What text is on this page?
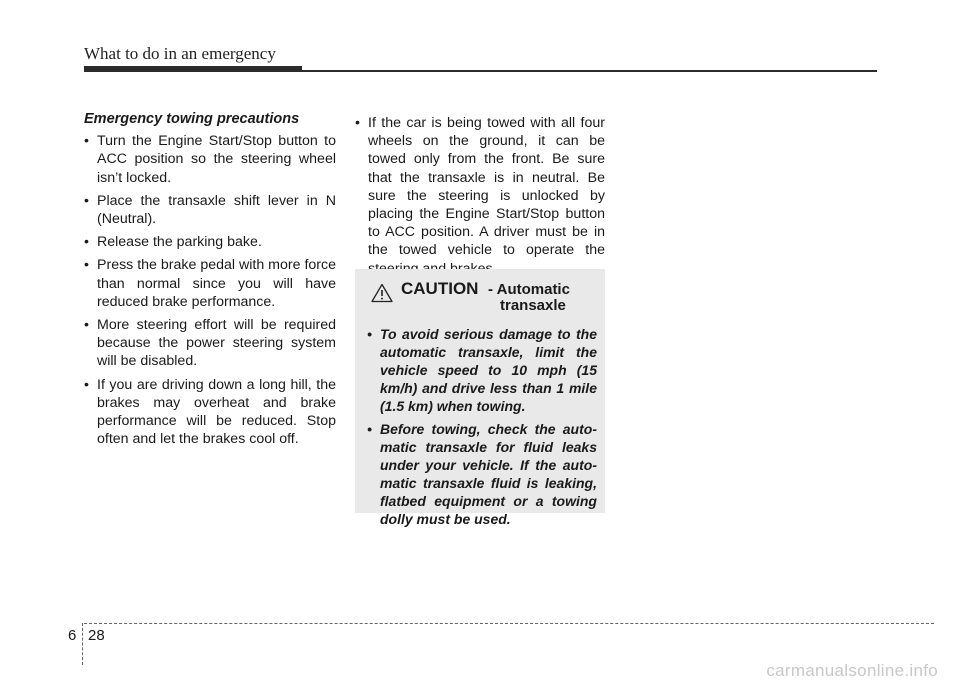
What to do in an emergency
Emergency towing precautions
• Turn the Engine Start/Stop button to ACC position so the steering wheel isn’t locked.
• Place the transaxle shift lever in N (Neutral).
• Release the parking bake.
• Press the brake pedal with more force than normal since you will have reduced brake performance.
• More steering effort will be required because the power steering system will be disabled.
• If you are driving down a long hill, the brakes may overheat and brake performance will be reduced. Stop often and let the brakes cool off.
• If the car is being towed with all four wheels on the ground, it can be towed only from the front. Be sure that the transaxle is in neutral. Be sure the steering is unlocked by placing the Engine Start/Stop button to ACC position. A driver must be in the towed vehicle to operate the
CAUTION - Automatic
transaxle
• To avoid serious damage to the automatic transaxle, limit the vehicle speed to 10 mph (15 km/h) and drive less than 1 mile (1.5 km) when towing.
• Before towing, check the automatic transaxle for fluid leaks under your vehicle. If the automatic transaxle fluid is leaking, flatbed equipment or a towing dolly must be used.
6 28
carmanualsonline.info
